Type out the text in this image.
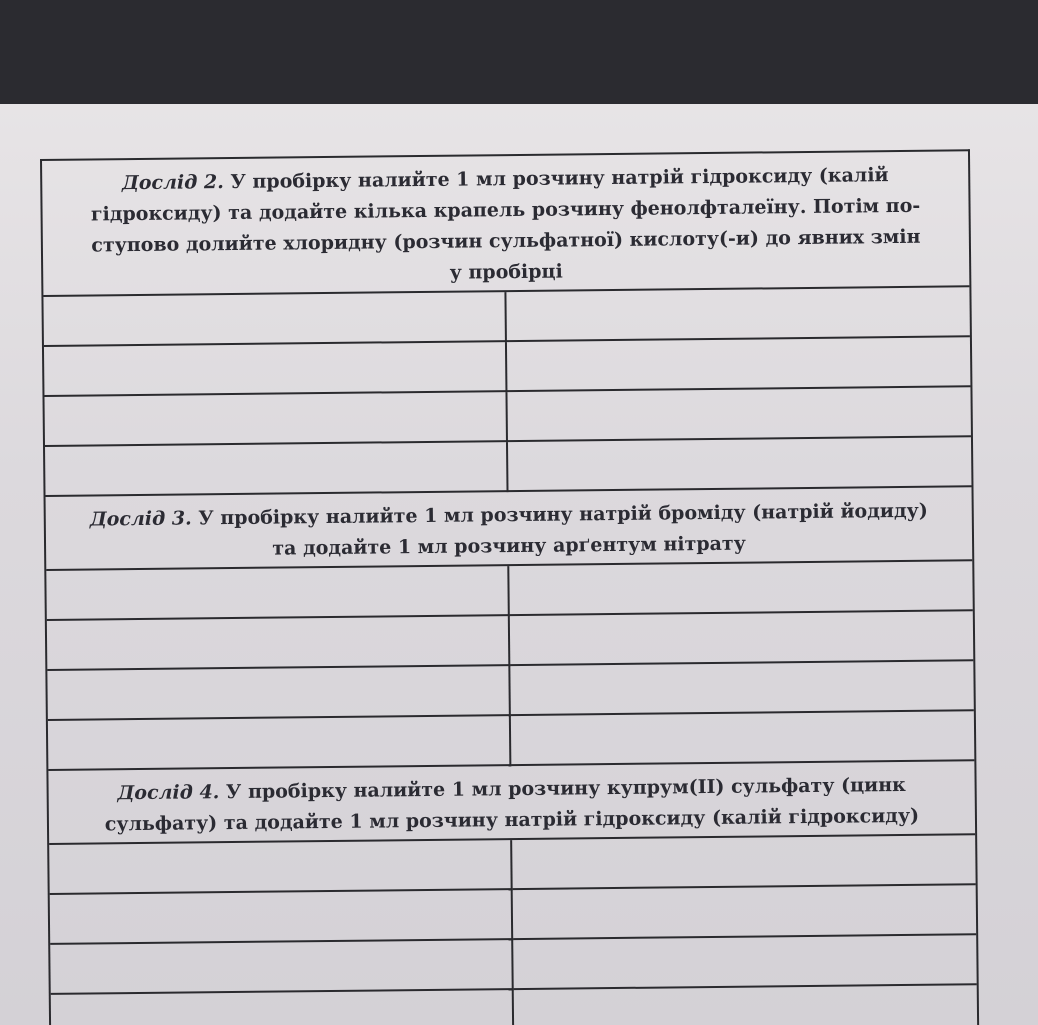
Дослід 2. У пробірку налийте 1 мл розчину натрій гідроксиду (калій
гідроксиду) та додайте кілька крапель розчину фенолфталеїну. Потім по-
ступово долийте хлоридну (розчин сульфатної) кислоту(-и) до явних змін
у пробірці
Дослід 3. У пробірку налийте 1 мл розчину натрій броміду (натрій йодиду)
та додайте 1 мл розчину арґентум нітрату
Дослід 4. У пробірку налийте 1 мл розчину купрум(ІІ) сульфату (цинк
сульфату) та додайте 1 мл розчину натрій гідроксиду (калій гідроксиду)
